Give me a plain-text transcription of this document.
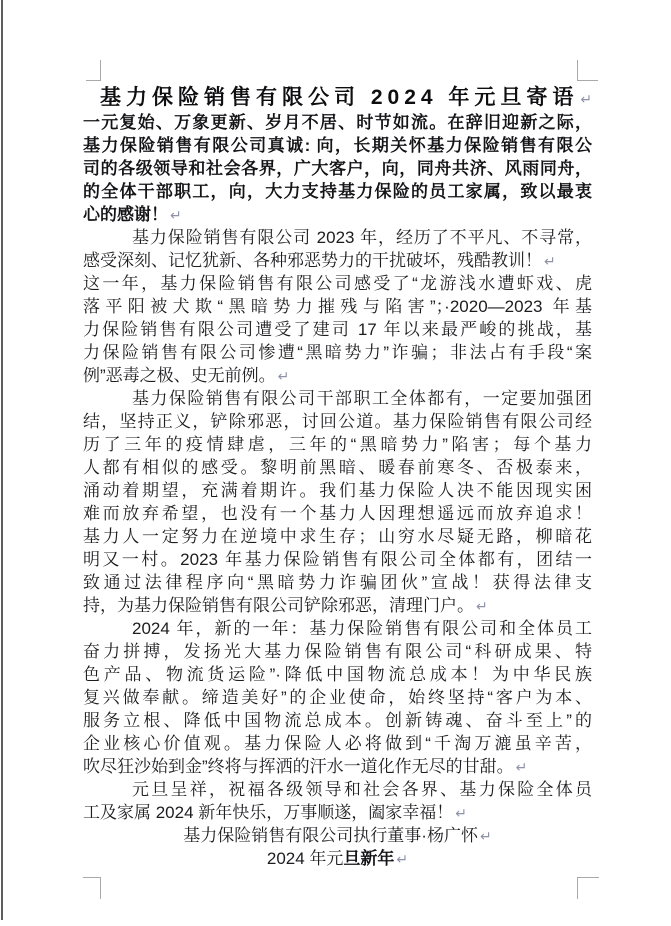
基力保险销售有限公司 2024 年元旦寄语 ↵
一元复始、万象更新、岁月不居、时节如流。在辞旧迎新之际，
基力保险销售有限公司真诚: 向，长期关怀基力保险销售有限公
司的各级领导和社会各界，广大客户，向，同舟共济、风雨同舟，
的全体干部职工，向，大力支持基力保险的员工家属，致以最衷
心的感谢！ ↵
基力保险销售有限公司 2023 年，经历了不平凡、不寻常，
感受深刻、记忆犹新、各种邪恶势力的干扰破坏，残酷教训！ ↵
这一年，基力保险销售有限公司感受了“龙游浅水遭虾戏、虎
落平阳被犬欺“黑暗势力摧残与陷害”；·2020—2023 年基
力保险销售有限公司遭受了建司 17 年以来最严峻的挑战，基
力保险销售有限公司惨遭“黑暗势力”诈骗；非法占有手段“案
例”恶毒之极、史无前例。 ↵
基力保险销售有限公司干部职工全体都有，一定要加强团
结，坚持正义，铲除邪恶，讨回公道。基力保险销售有限公司经
历了三年的疫情肆虐，三年的“黑暗势力”陷害；每个基力
人都有相似的感受。黎明前黑暗、暖春前寒冬、否极泰来，
涌动着期望，充满着期许。我们基力保险人决不能因现实困
难而放弃希望，也没有一个基力人因理想遥远而放弃追求！
基力人一定努力在逆境中求生存；山穷水尽疑无路，柳暗花
明又一村。2023 年基力保险销售有限公司全体都有，团结一
致通过法律程序向“黑暗势力诈骗团伙”宣战！获得法律支
持，为基力保险销售有限公司铲除邪恶，清理门户。 ↵
2024 年，新的一年：基力保险销售有限公司和全体员工
奋力拼搏，发扬光大基力保险销售有限公司“科研成果、特
色产品、物流货运险”·降低中国物流总成本！为中华民族
复兴做奉献。缔造美好”的企业使命，始终坚持“客户为本、
服务立根、降低中国物流总成本。创新铸魂、奋斗至上”的
企业核心价值观。基力保险人必将做到“千淘万漉虽辛苦，
吹尽狂沙始到金”终将与挥洒的汗水一道化作无尽的甘甜。 ↵
元旦呈祥，祝福各级领导和社会各界、基力保险全体员
工及家属 2024 新年快乐，万事顺遂，阖家幸福！ ↵
基力保险销售有限公司执行董事·杨广怀 ↵
2024 年元旦新年 ↵
